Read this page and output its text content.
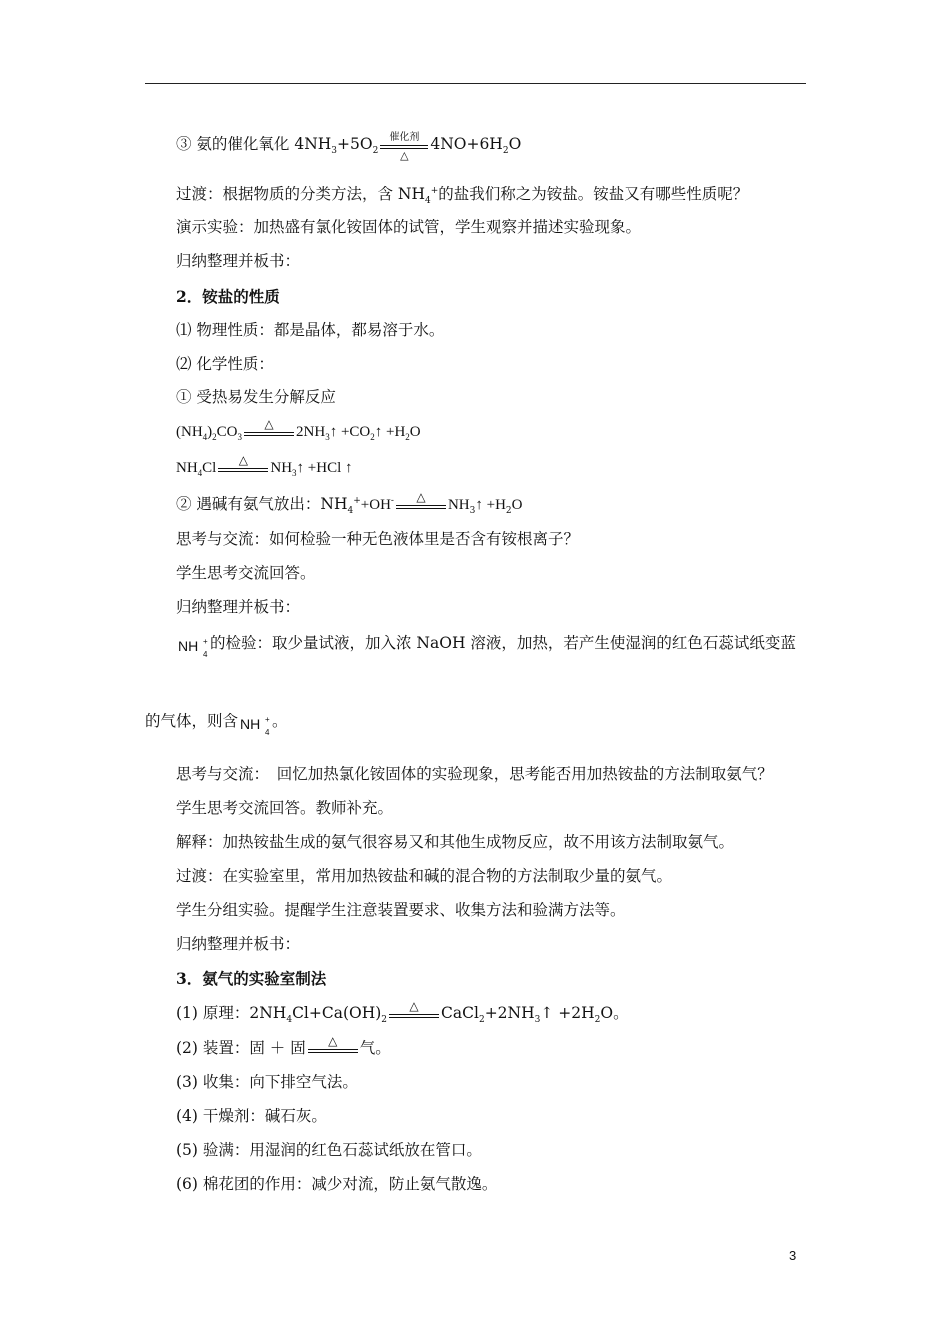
③ 氨的催化氧化 $4NH_3+5O_2$
催化剂
△
$4NO+6H_2O$
过渡：根据物质的分类方法，含 $NH_4^+$的盐我们称之为铵盐。铵盐又有哪些性质呢？
演示实验：加热盛有氯化铵固体的试管，学生观察并描述实验现象。
归纳整理并板书：
2．铵盐的性质
⑴ 物理性质：都是晶体，都易溶于水。
⑵ 化学性质：
① 受热易发生分解反应
$(NH_4)_2CO_3$
△	$2NH_3↑$ $+CO_2↑ +H_2O$
$NH_4Cl$	△	$NH_3↑ +HCl$ ↑
② 遇碱有氨气放出：$NH_4^++OH^-$	△	$NH_3↑ +H_2O$
思考与交流：如何检验一种无色液体里是否含有铵根离子？
学生思考交流回答。
归纳整理并板书：
NH +
4
的检验：取少量试液，加入浓 NaOH 溶液，加热，若产生使湿润的红色石蕊试纸变蓝
的气体，则含 NH +
4
。
思考与交流：　回忆加热氯化铵固体的实验现象，思考能否用加热铵盐的方法制取氨气？
学生思考交流回答。教师补充。
解释：加热铵盐生成的氨气很容易又和其他生成物反应，故不用该方法制取氨气。
过渡：在实验室里，常用加热铵盐和碱的混合物的方法制取少量的氨气。
学生分组实验。提醒学生注意装置要求、收集方法和验满方法等。
归纳整理并板书：
3．氨气的实验室制法
(1) 原理：$2NH_4Cl+Ca(OH)_2$
△	$CaCl_2+2NH_3↑ +2H_2O$。
(2) 装置：固 ＋ 固	△	气。
(3) 收集：向下排空气法。
(4) 干燥剂：碱石灰。
(5) 验满：用湿润的红色石蕊试纸放在管口。
(6) 棉花团的作用：减少对流，防止氨气散逸。
3
